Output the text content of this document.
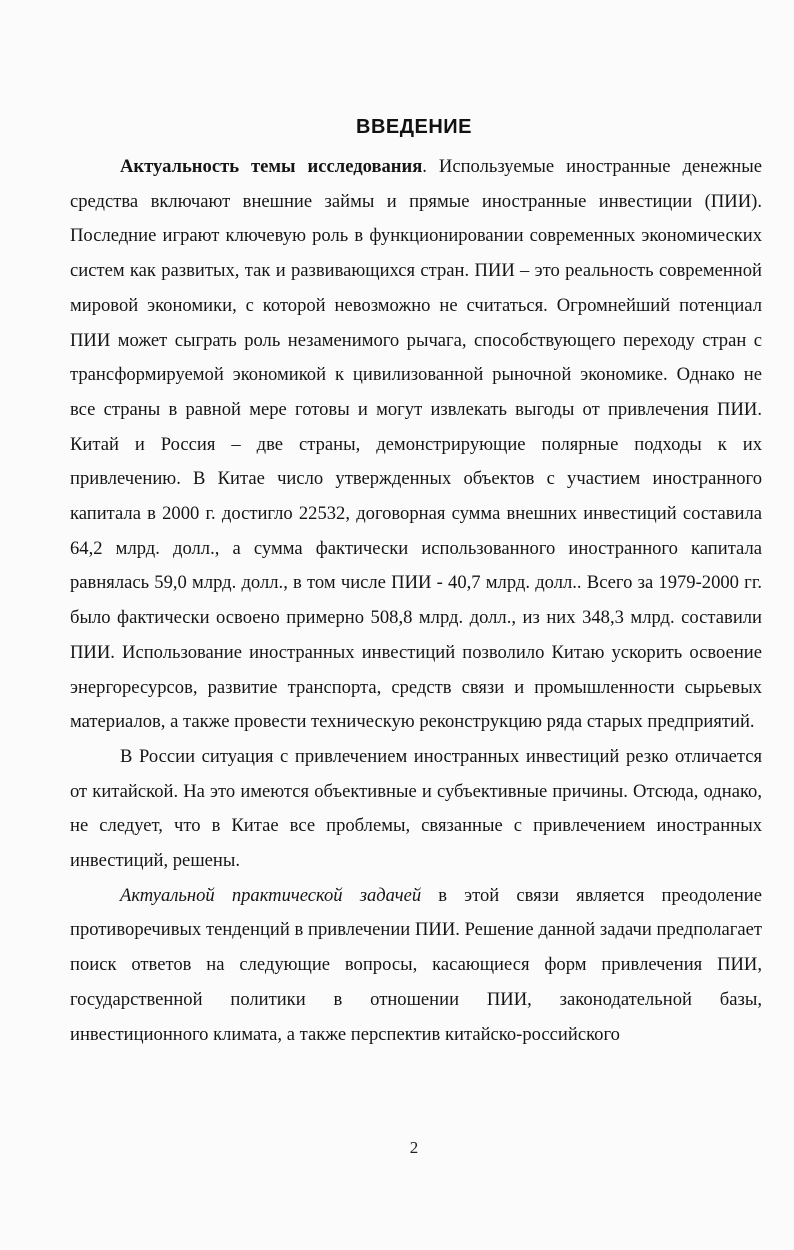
ВВЕДЕНИЕ

Актуальность темы исследования. Используемые иностранные денежные средства включают внешние займы и прямые иностранные инвестиции (ПИИ). Последние играют ключевую роль в функционировании современных экономических систем как развитых, так и развивающихся стран. ПИИ – это реальность современной мировой экономики, с которой невозможно не считаться. Огромнейший потенциал ПИИ может сыграть роль незаменимого рычага, способствующего переходу стран с трансформируемой экономикой к цивилизованной рыночной экономике. Однако не все страны в равной мере готовы и могут извлекать выгоды от привлечения ПИИ. Китай и Россия – две страны, демонстрирующие полярные подходы к их привлечению. В Китае число утвержденных объектов с участием иностранного капитала в 2000 г. достигло 22532, договорная сумма внешних инвестиций составила 64,2 млрд. долл., а сумма фактически использованного иностранного капитала равнялась 59,0 млрд. долл., в том числе ПИИ - 40,7 млрд. долл.. Всего за 1979-2000 гг. было фактически освоено примерно 508,8 млрд. долл., из них 348,3 млрд. составили ПИИ. Использование иностранных инвестиций позволило Китаю ускорить освоение энергоресурсов, развитие транспорта, средств связи и промышленности сырьевых материалов, а также провести техническую реконструкцию ряда старых предприятий.

В России ситуация с привлечением иностранных инвестиций резко отличается от китайской. На это имеются объективные и субъективные причины. Отсюда, однако, не следует, что в Китае все проблемы, связанные с привлечением иностранных инвестиций, решены.

Актуальной практической задачей в этой связи является преодоление противоречивых тенденций в привлечении ПИИ. Решение данной задачи предполагает поиск ответов на следующие вопросы, касающиеся форм привлечения ПИИ, государственной политики в отношении ПИИ, законодательной базы, инвестиционного климата, а также перспектив китайско-российского

2
